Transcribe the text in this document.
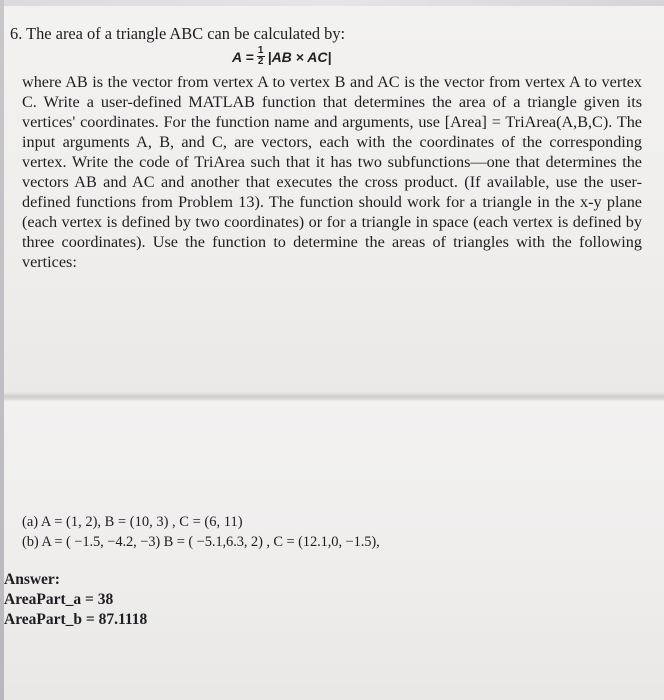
6. The area of a triangle ABC can be calculated by:
$A = \frac{1}{2} |AB \times AC|$
where AB is the vector from vertex A to vertex B and AC is the vector from vertex A to vertex C. Write a user-defined MATLAB function that determines the area of a triangle given its vertices' coordinates. For the function name and arguments, use [Area] = TriArea(A,B,C). The input arguments A, B, and C, are vectors, each with the coordinates of the corresponding vertex. Write the code of TriArea such that it has two subfunctions—one that determines the vectors AB and AC and another that executes the cross product. (If available, use the user-defined functions from Problem 13). The function should work for a triangle in the x-y plane (each vertex is defined by two coordinates) or for a triangle in space (each vertex is defined by three coordinates). Use the function to determine the areas of triangles with the following vertices:
(a) A = (1, 2), B = (10, 3) , C = (6, 11)
(b) A = ( −1.5, −4.2, −3) B = ( −5.1,6.3, 2) , C = (12.1,0, −1.5),
Answer:
AreaPart_a = 38
AreaPart_b = 87.1118
